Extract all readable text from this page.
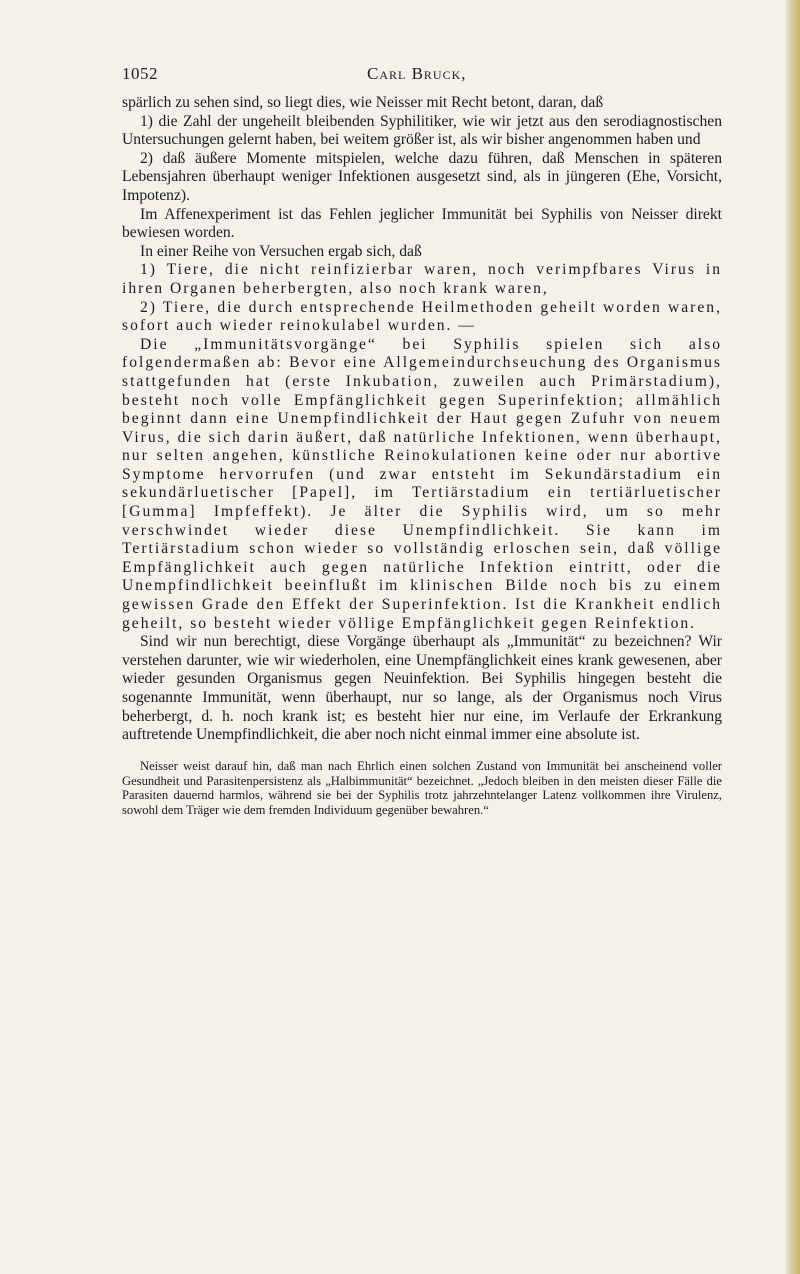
1052	Carl Bruck,

spärlich zu sehen sind, so liegt dies, wie Neisser mit Recht betont, daran, daß

1) die Zahl der ungeheilt bleibenden Syphilitiker, wie wir jetzt aus den serodiagnostischen Untersuchungen gelernt haben, bei weitem größer ist, als wir bisher angenommen haben und

2) daß äußere Momente mitspielen, welche dazu führen, daß Menschen in späteren Lebensjahren überhaupt weniger Infektionen ausgesetzt sind, als in jüngeren (Ehe, Vorsicht, Impotenz).

Im Affenexperiment ist das Fehlen jeglicher Immunität bei Syphilis von Neisser direkt bewiesen worden.

In einer Reihe von Versuchen ergab sich, daß

1) Tiere, die nicht reinfizierbar waren, noch verimpfbares Virus in ihren Organen beherbergten, also noch krank waren,

2) Tiere, die durch entsprechende Heilmethoden geheilt worden waren, sofort auch wieder reinokulabel wurden. —

Die „Immunitätsvorgänge“ bei Syphilis spielen sich also folgendermaßen ab: Bevor eine Allgemeindurchseuchung des Organismus stattgefunden hat (erste Inkubation, zuweilen auch Primärstadium), besteht noch volle Empfänglichkeit gegen Superinfektion; allmählich beginnt dann eine Unempfindlichkeit der Haut gegen Zufuhr von neuem Virus, die sich darin äußert, daß natürliche Infektionen, wenn überhaupt, nur selten angehen, künstliche Reinokulationen keine oder nur abortive Symptome hervorrufen (und zwar entsteht im Sekundärstadium ein sekundärluetischer [Papel], im Tertiärstadium ein tertiärluetischer [Gumma] Impfeffekt). Je älter die Syphilis wird, um so mehr verschwindet wieder diese Unempfindlichkeit. Sie kann im Tertiärstadium schon wieder so vollständig erloschen sein, daß völlige Empfänglichkeit auch gegen natürliche Infektion eintritt, oder die Unempfindlichkeit beeinflußt im klinischen Bilde noch bis zu einem gewissen Grade den Effekt der Superinfektion. Ist die Krankheit endlich geheilt, so besteht wieder völlige Empfänglichkeit gegen Reinfektion.

Sind wir nun berechtigt, diese Vorgänge überhaupt als „Immunität“ zu bezeichnen? Wir verstehen darunter, wie wir wiederholen, eine Unempfänglichkeit eines krank gewesenen, aber wieder gesunden Organismus gegen Neuinfektion. Bei Syphilis hingegen besteht die sogenannte Immunität, wenn überhaupt, nur so lange, als der Organismus noch Virus beherbergt, d. h. noch krank ist; es besteht hier nur eine, im Verlaufe der Erkrankung auftretende Unempfindlichkeit, die aber noch nicht einmal immer eine absolute ist.

Neisser weist darauf hin, daß man nach Ehrlich einen solchen Zustand von Immunität bei anscheinend voller Gesundheit und Parasitenpersistenz als „Halbimmunität“ bezeichnet. „Jedoch bleiben in den meisten dieser Fälle die Parasiten dauernd harmlos, während sie bei der Syphilis trotz jahrzehntelanger Latenz vollkommen ihre Virulenz, sowohl dem Träger wie dem fremden Individuum gegenüber bewahren.“
